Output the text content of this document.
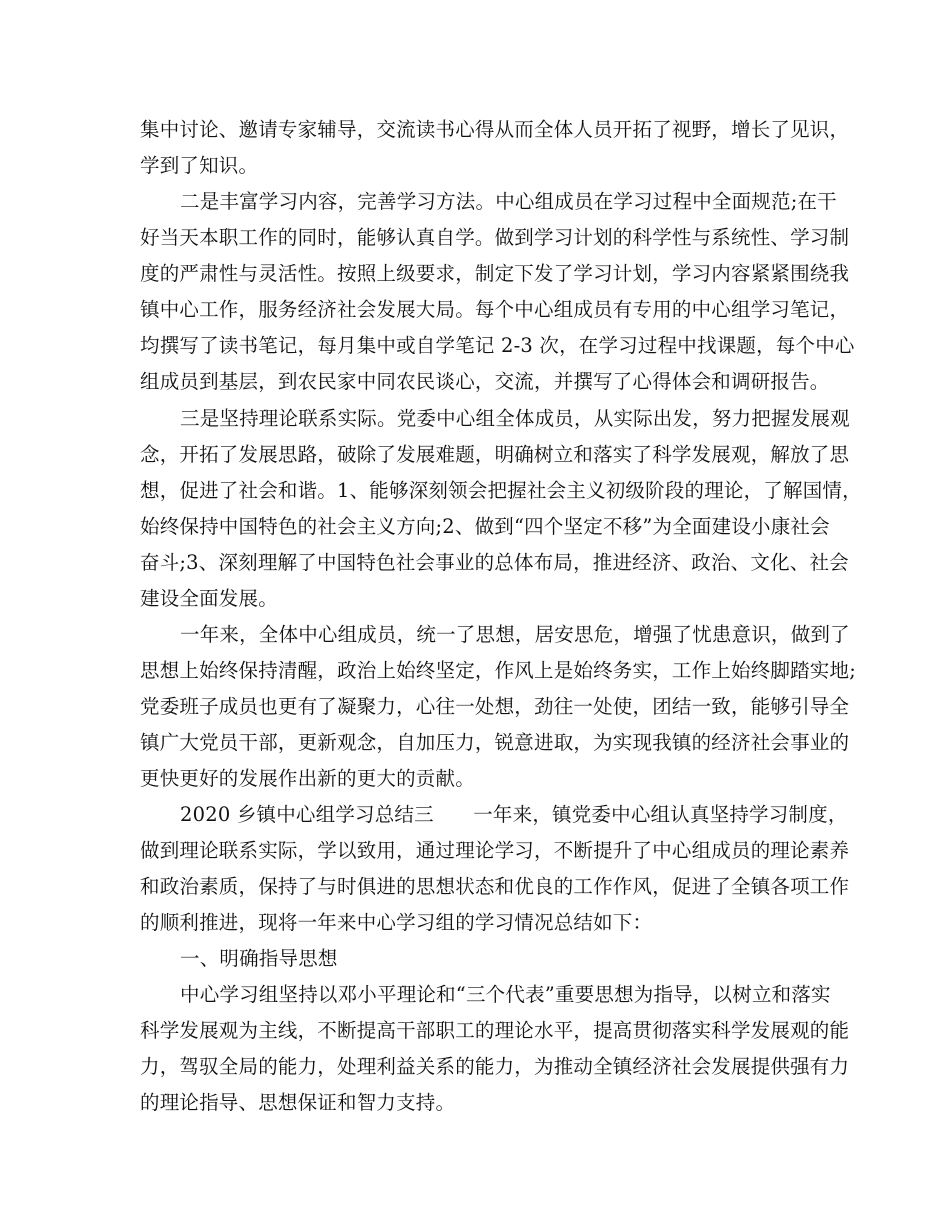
集中讨论、邀请专家辅导，交流读书心得从而全体人员开拓了视野，增长了见识，
学到了知识。
二是丰富学习内容，完善学习方法。中心组成员在学习过程中全面规范;在干
好当天本职工作的同时，能够认真自学。做到学习计划的科学性与系统性、学习制
度的严肃性与灵活性。按照上级要求，制定下发了学习计划，学习内容紧紧围绕我
镇中心工作，服务经济社会发展大局。每个中心组成员有专用的中心组学习笔记，
均撰写了读书笔记，每月集中或自学笔记 2-3 次，在学习过程中找课题，每个中心
组成员到基层，到农民家中同农民谈心，交流，并撰写了心得体会和调研报告。
三是坚持理论联系实际。党委中心组全体成员，从实际出发，努力把握发展观
念，开拓了发展思路，破除了发展难题，明确树立和落实了科学发展观，解放了思
想，促进了社会和谐。1、能够深刻领会把握社会主义初级阶段的理论，了解国情，
始终保持中国特色的社会主义方向;2、做到“四个坚定不移”为全面建设小康社会
奋斗;3、深刻理解了中国特色社会事业的总体布局，推进经济、政治、文化、社会
建设全面发展。
一年来，全体中心组成员，统一了思想，居安思危，增强了忧患意识，做到了
思想上始终保持清醒，政治上始终坚定，作风上是始终务实，工作上始终脚踏实地;
党委班子成员也更有了凝聚力，心往一处想，劲往一处使，团结一致，能够引导全
镇广大党员干部，更新观念，自加压力，锐意进取，为实现我镇的经济社会事业的
更快更好的发展作出新的更大的贡献。
2020 乡镇中心组学习总结三　　一年来，镇党委中心组认真坚持学习制度，
做到理论联系实际，学以致用，通过理论学习，不断提升了中心组成员的理论素养
和政治素质，保持了与时俱进的思想状态和优良的工作作风，促进了全镇各项工作
的顺利推进，现将一年来中心学习组的学习情况总结如下：
一、明确指导思想
中心学习组坚持以邓小平理论和“三个代表”重要思想为指导，以树立和落实
科学发展观为主线，不断提高干部职工的理论水平，提高贯彻落实科学发展观的能
力，驾驭全局的能力，处理利益关系的能力，为推动全镇经济社会发展提供强有力
的理论指导、思想保证和智力支持。
